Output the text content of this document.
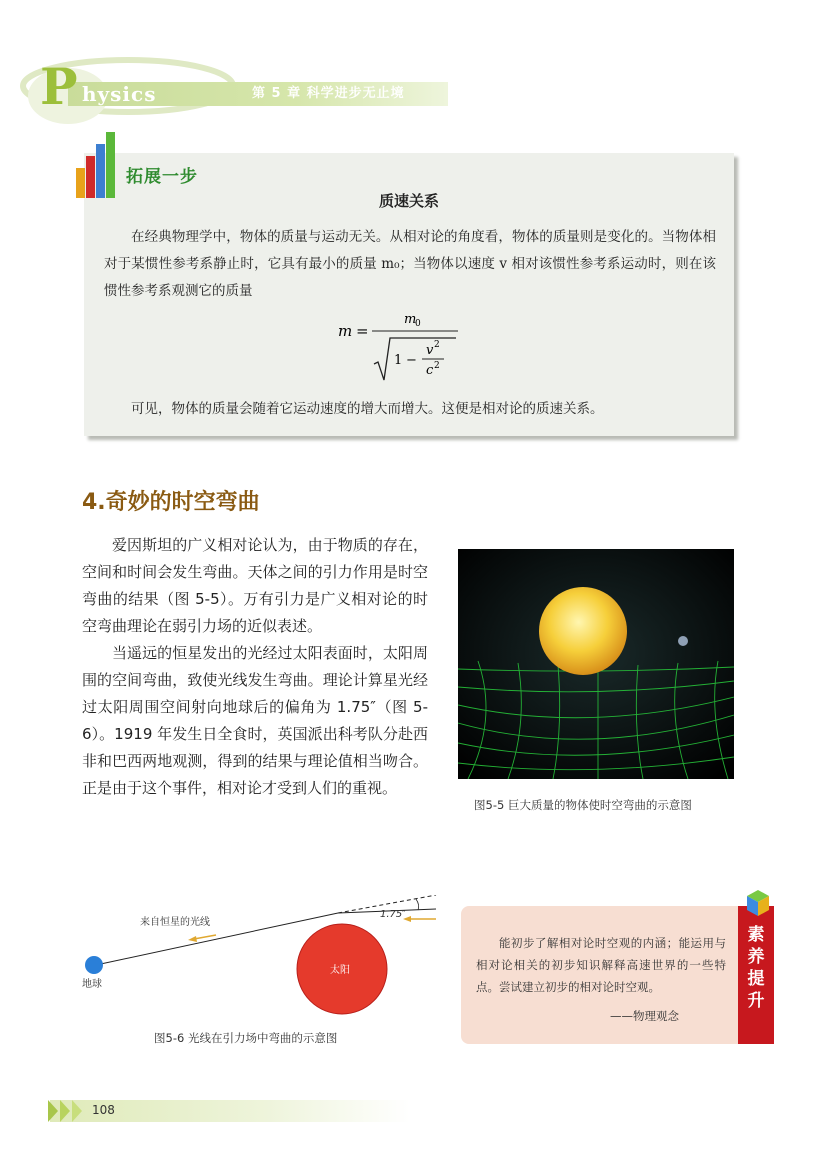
P hysics	第 5 章 科学进步无止境
拓展一步
质速关系
在经典物理学中，物体的质量与运动无关。从相对论的角度看，物体的质量则是变化的。当物体相对于某惯性参考系静止时，它具有最小的质量 m₀；当物体以速度 v 相对该惯性参考系运动时，则在该惯性参考系观测它的质量
m =
m
0
1 −
v 2
c 2
可见，物体的质量会随着它运动速度的增大而增大。这便是相对论的质速关系。
4.奇妙的时空弯曲

爱因斯坦的广义相对论认为，由于物质的存在，空间和时间会发生弯曲。天体之间的引力作用是时空弯曲的结果（图 5-5）。万有引力是广义相对论的时空弯曲理论在弱引力场的近似表述。

当遥远的恒星发出的光经过太阳表面时，太阳周围的空间弯曲，致使光线发生弯曲。理论计算星光经过太阳周围空间射向地球后的偏角为 1.75″（图 5-6）。1919 年发生日全食时，英国派出科考队分赴西非和巴西两地观测，得到的结果与理论值相当吻合。正是由于这个事件，相对论才受到人们的重视。

图5-5 巨大质量的物体使时空弯曲的示意图
来自恒星的光线
1.75″
太阳
地球
图5-6 光线在引力场中弯曲的示意图
能初步了解相对论时空观的内涵；能运用与相对论相关的初步知识解释高速世界的一些特点。尝试建立初步的相对论时空观。
——物理观念
素
养
提
升
108
